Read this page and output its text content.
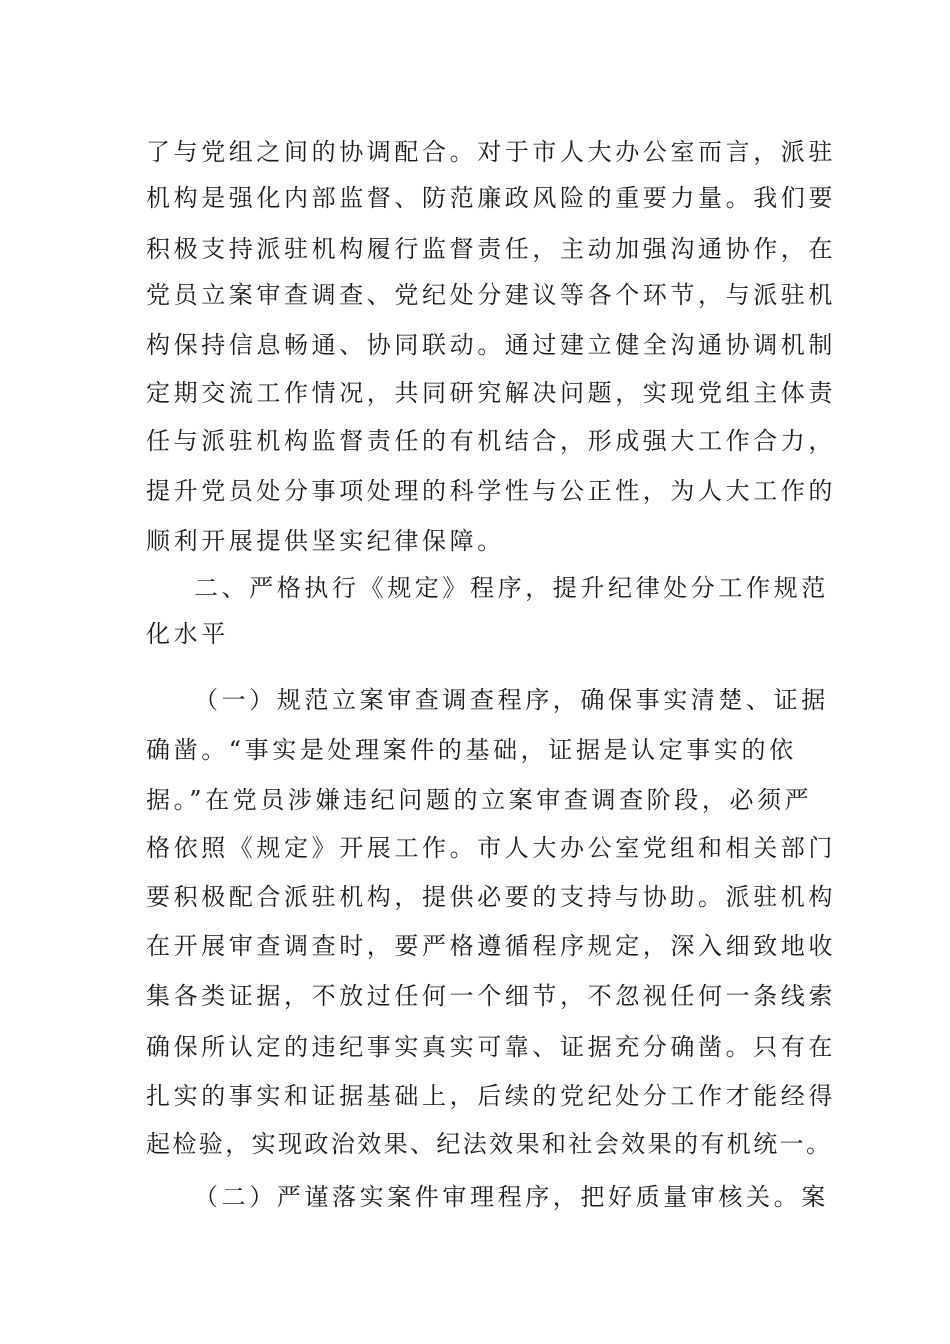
了与党组之间的协调配合。对于市人大办公室而言，派驻
机构是强化内部监督、防范廉政风险的重要力量。我们要
积极支持派驻机构履行监督责任，主动加强沟通协作，在
党员立案审查调查、党纪处分建议等各个环节，与派驻机
构保持信息畅通、协同联动。通过建立健全沟通协调机制
定期交流工作情况，共同研究解决问题，实现党组主体责
任与派驻机构监督责任的有机结合，形成强大工作合力，
提升党员处分事项处理的科学性与公正性，为人大工作的
顺利开展提供坚实纪律保障。
二、严格执行《规定》程序，提升纪律处分工作规范
化水平
（一）规范立案审查调查程序，确保事实清楚、证据
确凿。“事实是处理案件的基础，证据是认定事实的依
据。”在党员涉嫌违纪问题的立案审查调查阶段，必须严
格依照《规定》开展工作。市人大办公室党组和相关部门
要积极配合派驻机构，提供必要的支持与协助。派驻机构
在开展审查调查时，要严格遵循程序规定，深入细致地收
集各类证据，不放过任何一个细节，不忽视任何一条线索
确保所认定的违纪事实真实可靠、证据充分确凿。只有在
扎实的事实和证据基础上，后续的党纪处分工作才能经得
起检验，实现政治效果、纪法效果和社会效果的有机统一。
（二）严谨落实案件审理程序，把好质量审核关。案
